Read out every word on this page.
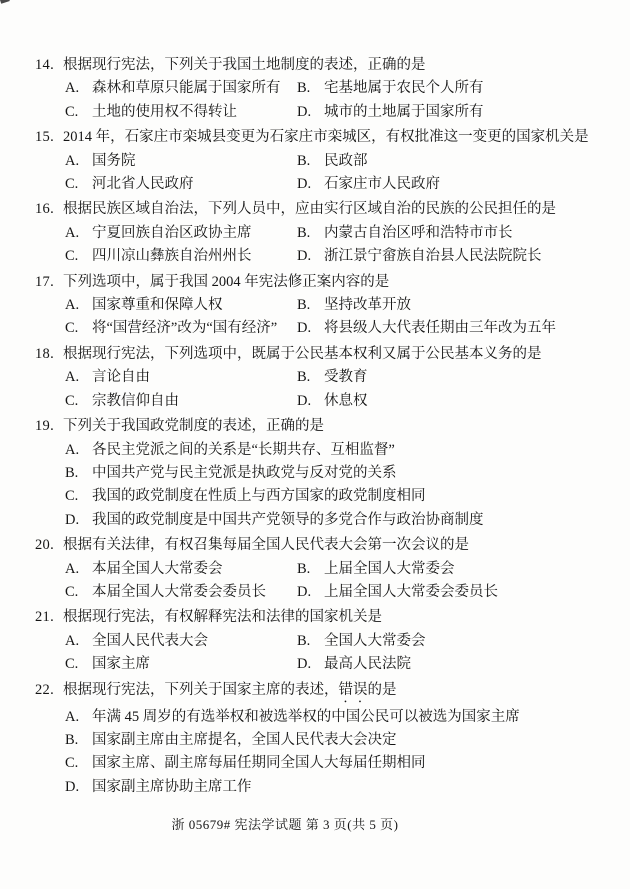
14. 根据现行宪法，下列关于我国土地制度的表述，正确的是
A. 森林和草原只能属于国家所有	B. 宅基地属于农民个人所有
C. 土地的使用权不得转让	D. 城市的土地属于国家所有
15. 2014 年，石家庄市栾城县变更为石家庄市栾城区，有权批准这一变更的国家机关是
A. 国务院	B. 民政部
C. 河北省人民政府	D. 石家庄市人民政府
16. 根据民族区域自治法，下列人员中，应由实行区域自治的民族的公民担任的是
A. 宁夏回族自治区政协主席	B. 内蒙古自治区呼和浩特市市长
C. 四川凉山彝族自治州州长	D. 浙江景宁畲族自治县人民法院院长
17. 下列选项中，属于我国 2004 年宪法修正案内容的是
A. 国家尊重和保障人权	B. 坚持改革开放
C. 将“国营经济”改为“国有经济”	D. 将县级人大代表任期由三年改为五年
18. 根据现行宪法，下列选项中，既属于公民基本权利又属于公民基本义务的是
A. 言论自由	B. 受教育
C. 宗教信仰自由	D. 休息权
19. 下列关于我国政党制度的表述，正确的是
A. 各民主党派之间的关系是“长期共存、互相监督”
B. 中国共产党与民主党派是执政党与反对党的关系
C. 我国的政党制度在性质上与西方国家的政党制度相同
D. 我国的政党制度是中国共产党领导的多党合作与政治协商制度
20. 根据有关法律，有权召集每届全国人民代表大会第一次会议的是
A. 本届全国人大常委会	B. 上届全国人大常委会
C. 本届全国人大常委会委员长	D. 上届全国人大常委会委员长
21. 根据现行宪法，有权解释宪法和法律的国家机关是
A. 全国人民代表大会	B. 全国人大常委会
C. 国家主席	D. 最高人民法院
22. 根据现行宪法，下列关于国家主席的表述，错误的是
A. 年满 45 周岁的有选举权和被选举权的中国公民可以被选为国家主席
B. 国家副主席由主席提名，全国人民代表大会决定
C. 国家主席、副主席每届任期同全国人大每届任期相同
D. 国家副主席协助主席工作
浙 05679# 宪法学试题 第 3 页(共 5 页)
